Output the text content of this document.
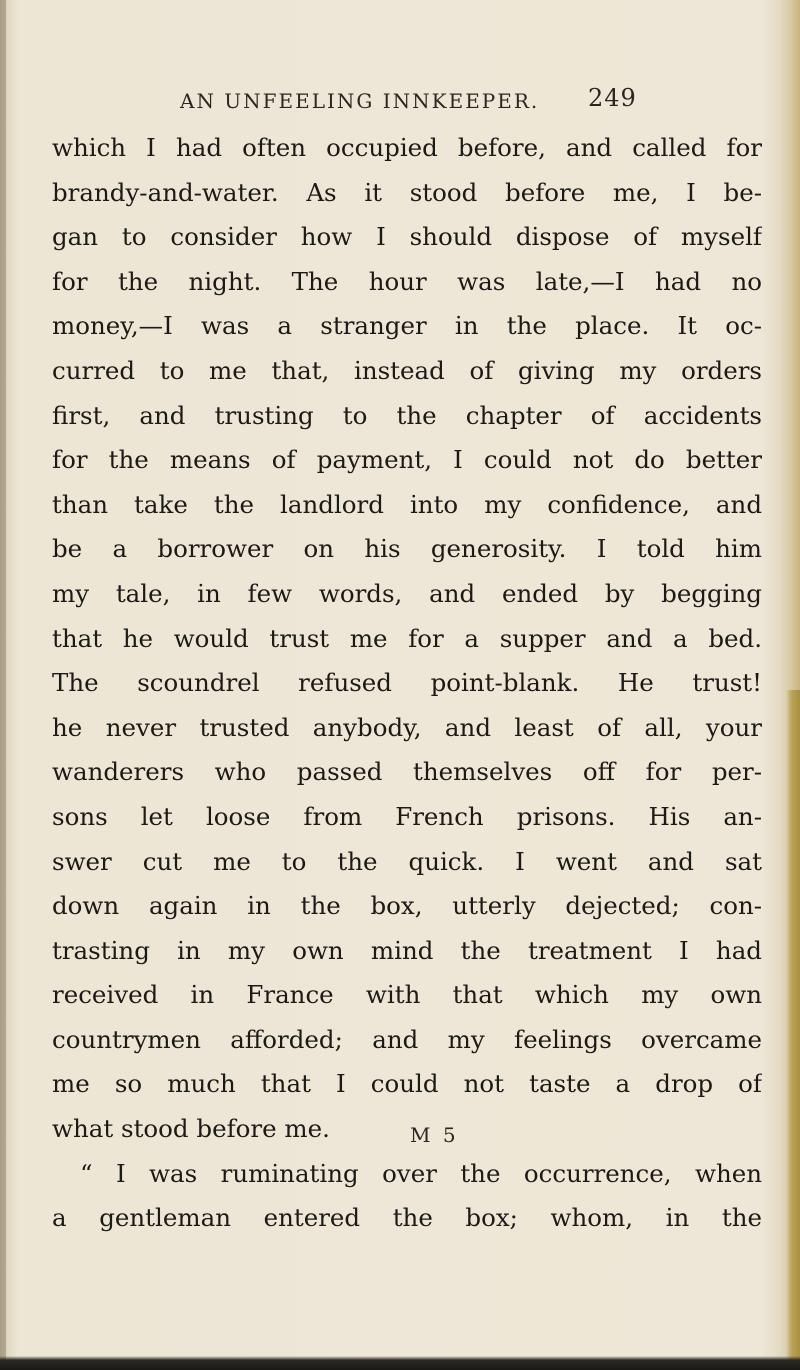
AN UNFEELING INNKEEPER. 249
which I had often occupied before, and called for
brandy-and-water. As it stood before me, I be-
gan to consider how I should dispose of myself
for the night. The hour was late,—I had no
money,—I was a stranger in the place. It oc-
curred to me that, instead of giving my orders
first, and trusting to the chapter of accidents
for the means of payment, I could not do better
than take the landlord into my confidence, and
be a borrower on his generosity. I told him
my tale, in few words, and ended by begging
that he would trust me for a supper and a bed.
The scoundrel refused point-blank. He trust!
he never trusted anybody, and least of all, your
wanderers who passed themselves off for per-
sons let loose from French prisons. His an-
swer cut me to the quick. I went and sat
down again in the box, utterly dejected; con-
trasting in my own mind the treatment I had
received in France with that which my own
countrymen afforded; and my feelings overcame
me so much that I could not taste a drop of
what stood before me.
“ I was ruminating over the occurrence, when
a gentleman entered the box; whom, in the
M 5
